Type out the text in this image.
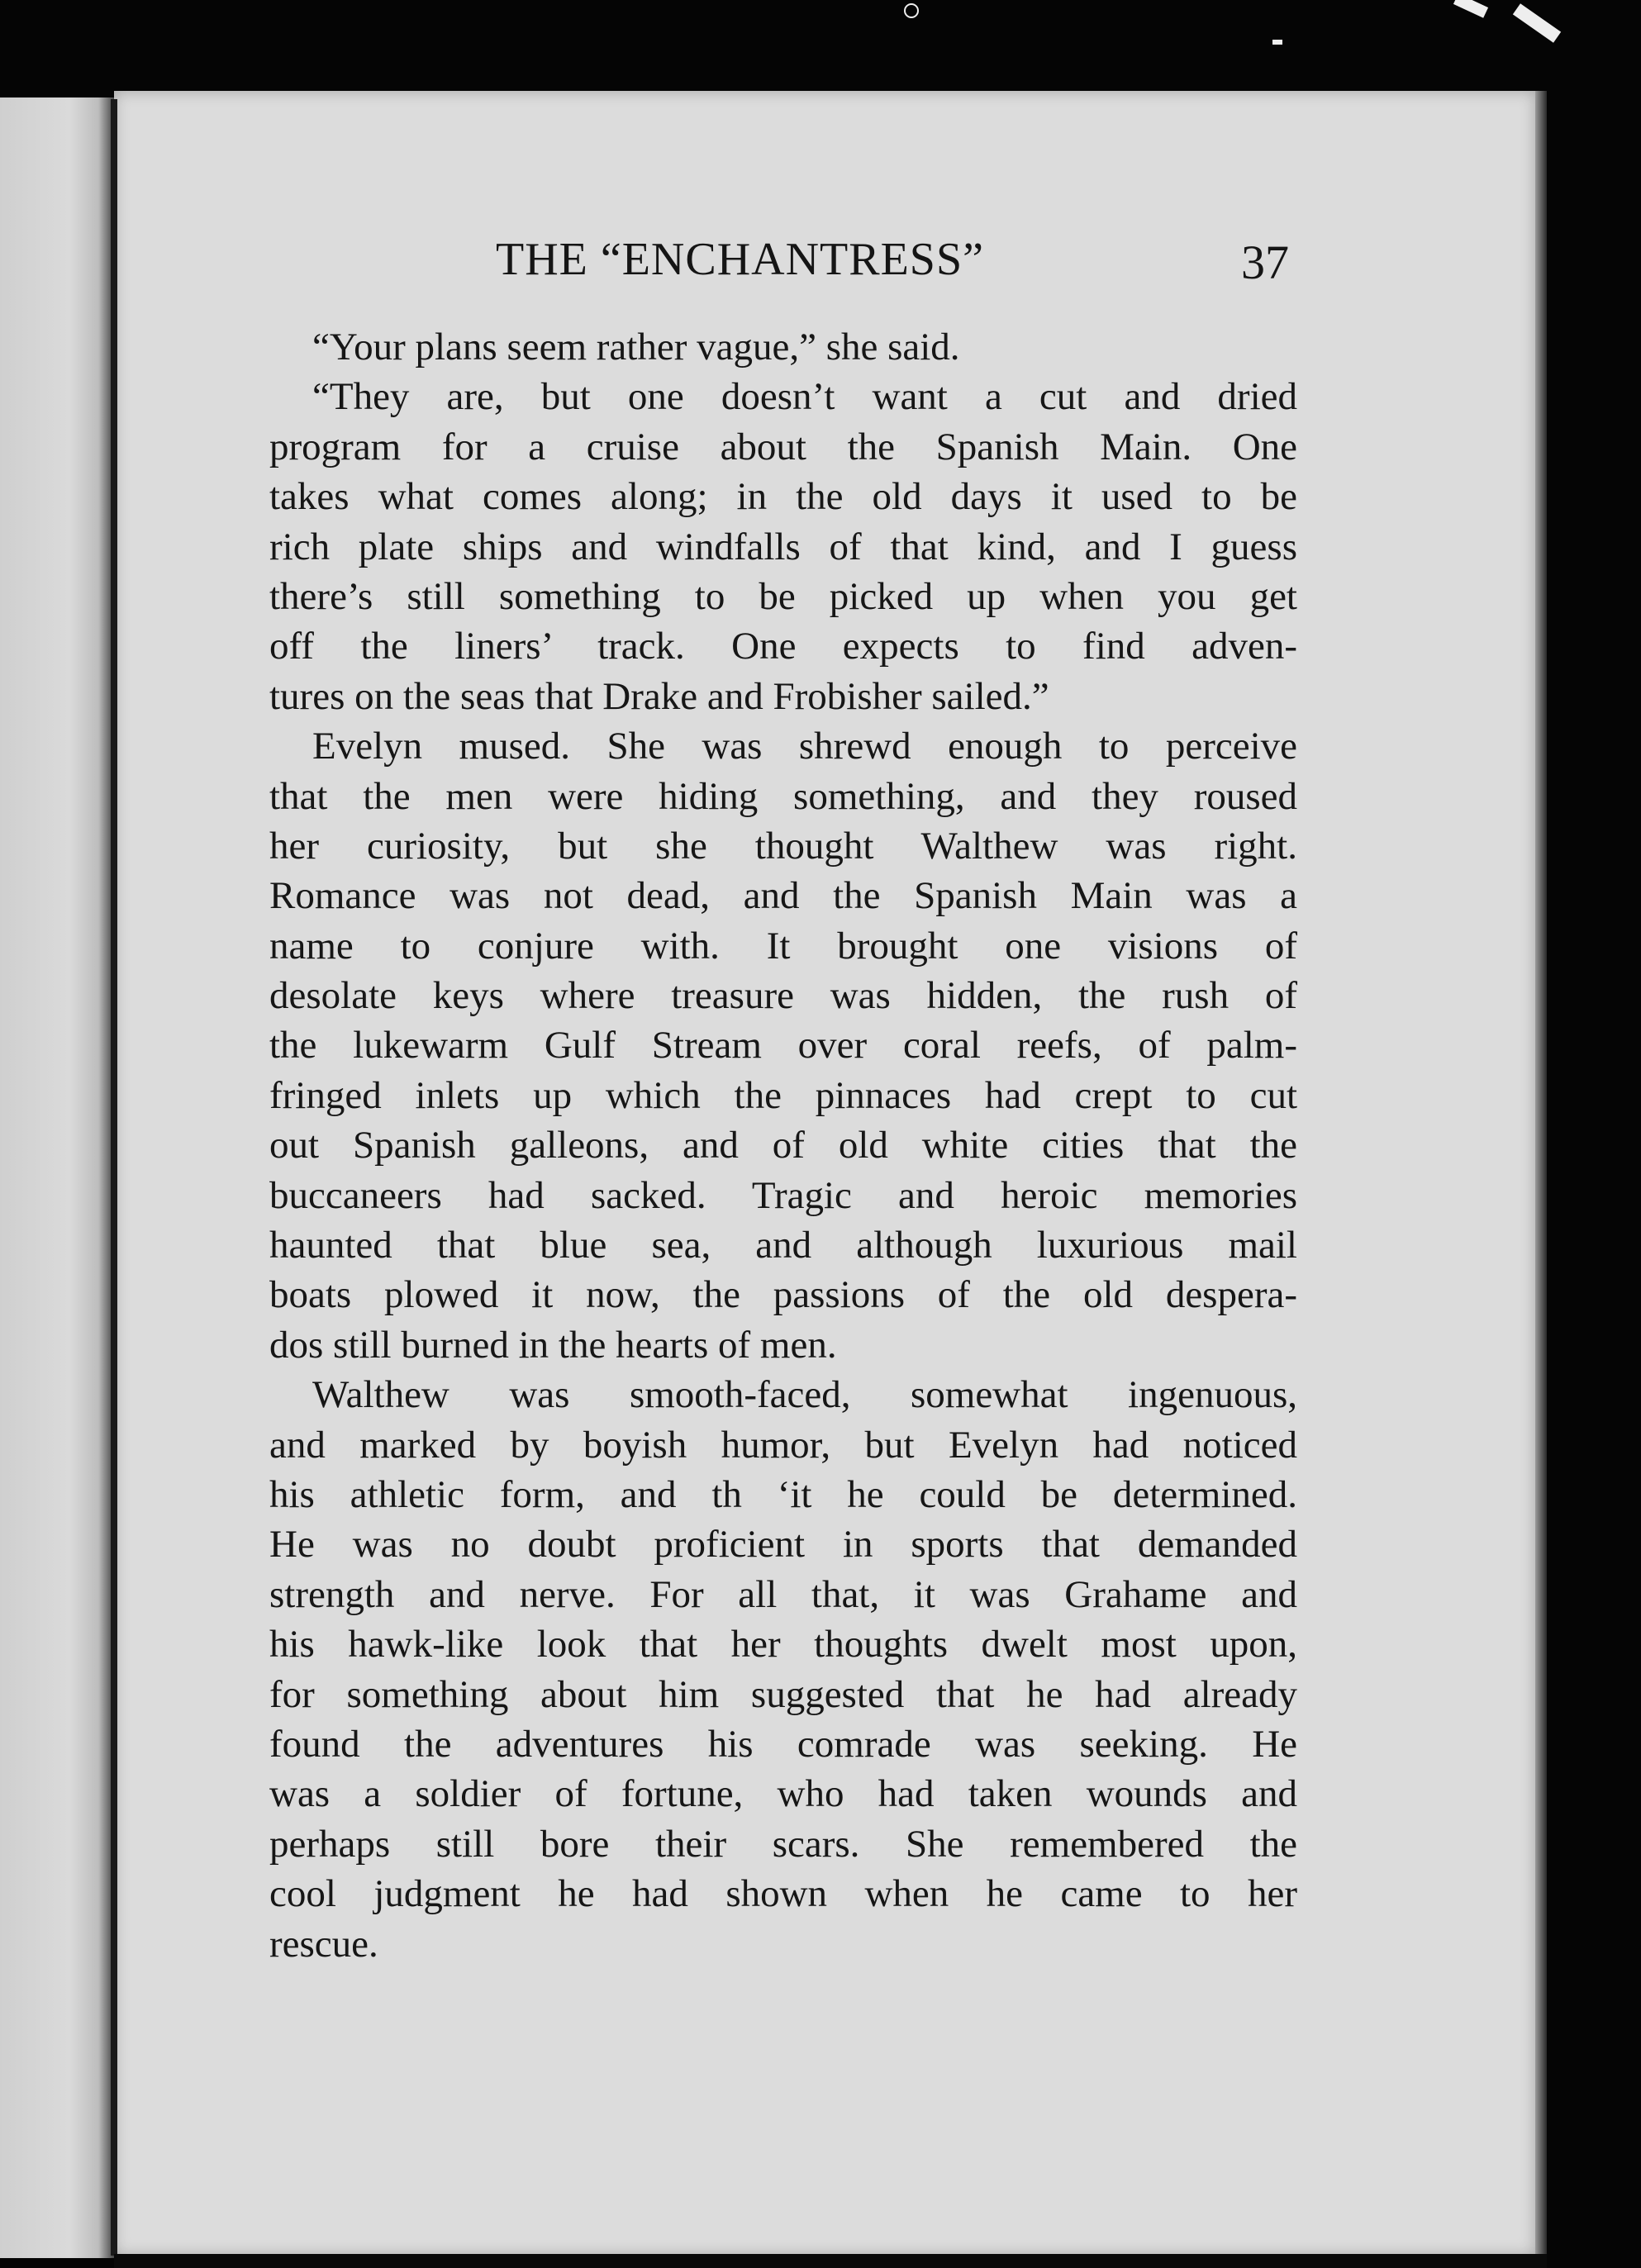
THE “ENCHANTRESS”	37
“Your plans seem rather vague,” she said.
“They are, but one doesn’t want a cut and dried
program for a cruise about the Spanish Main. One
takes what comes along; in the old days it used to be
rich plate ships and windfalls of that kind, and I guess
there’s still something to be picked up when you get
off the liners’ track. One expects to find adven-
tures on the seas that Drake and Frobisher sailed.”
Evelyn mused. She was shrewd enough to perceive
that the men were hiding something, and they roused
her curiosity, but she thought Walthew was right.
Romance was not dead, and the Spanish Main was a
name to conjure with. It brought one visions of
desolate keys where treasure was hidden, the rush of
the lukewarm Gulf Stream over coral reefs, of palm-
fringed inlets up which the pinnaces had crept to cut
out Spanish galleons, and of old white cities that the
buccaneers had sacked. Tragic and heroic memories
haunted that blue sea, and although luxurious mail
boats plowed it now, the passions of the old despera-
dos still burned in the hearts of men.
Walthew was smooth-faced, somewhat ingenuous,
and marked by boyish humor, but Evelyn had noticed
his athletic form, and th ‘it he could be determined.
He was no doubt proficient in sports that demanded
strength and nerve. For all that, it was Grahame and
his hawk-like look that her thoughts dwelt most upon,
for something about him suggested that he had already
found the adventures his comrade was seeking. He
was a soldier of fortune, who had taken wounds and
perhaps still bore their scars. She remembered the
cool judgment he had shown when he came to her
rescue.
